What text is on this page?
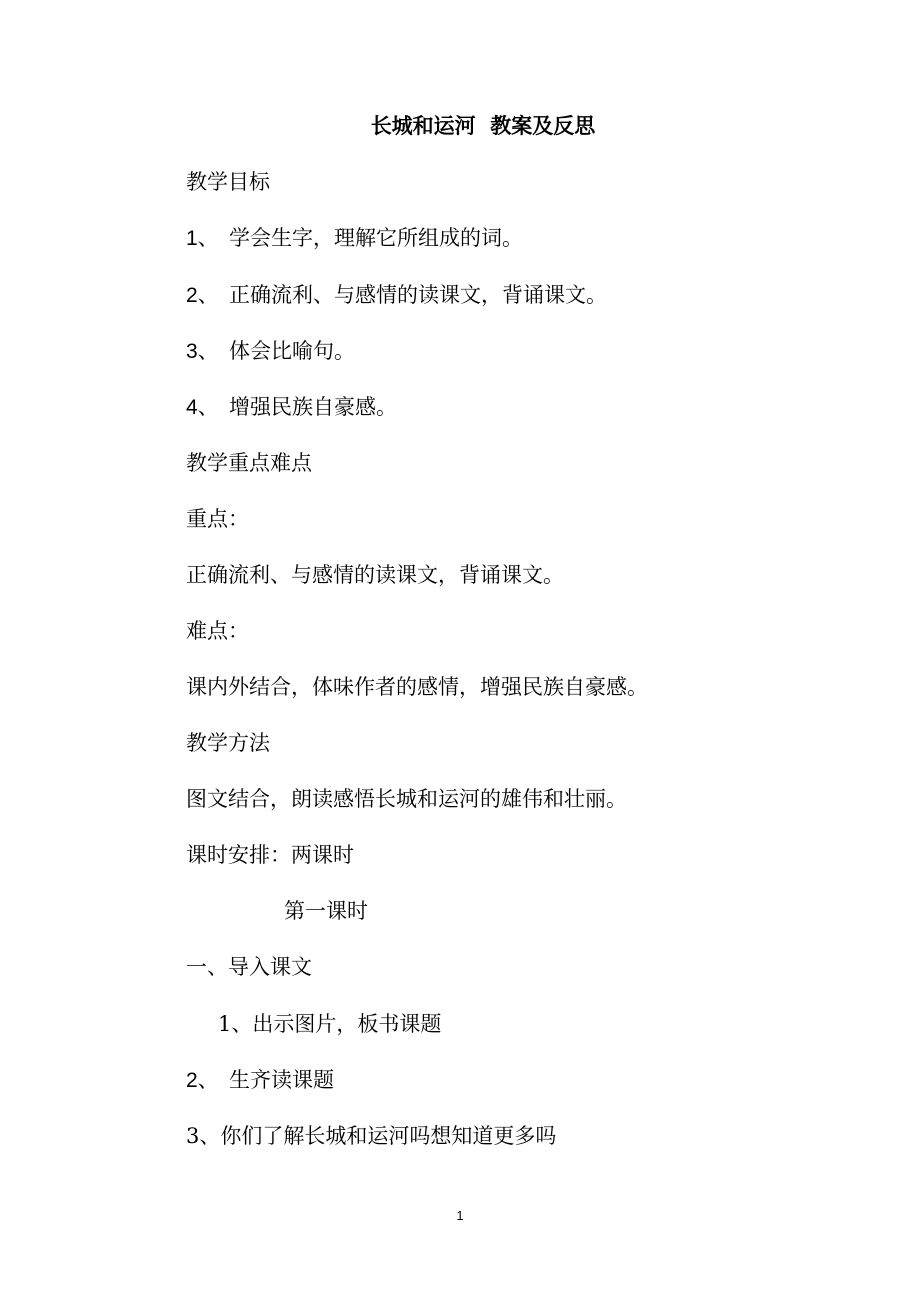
长城和运河  教案及反思
教学目标
1、 学会生字，理解它所组成的词。
2、 正确流利、与感情的读课文，背诵课文。
3、 体会比喻句。
4、 增强民族自豪感。
教学重点难点
重点：
正确流利、与感情的读课文，背诵课文。
难点：
课内外结合，体味作者的感情，增强民族自豪感。
教学方法
图文结合，朗读感悟长城和运河的雄伟和壮丽。
课时安排：两课时
第一课时
一、导入课文
1、出示图片，板书课题
2、 生齐读课题
3、你们了解长城和运河吗想知道更多吗
1
